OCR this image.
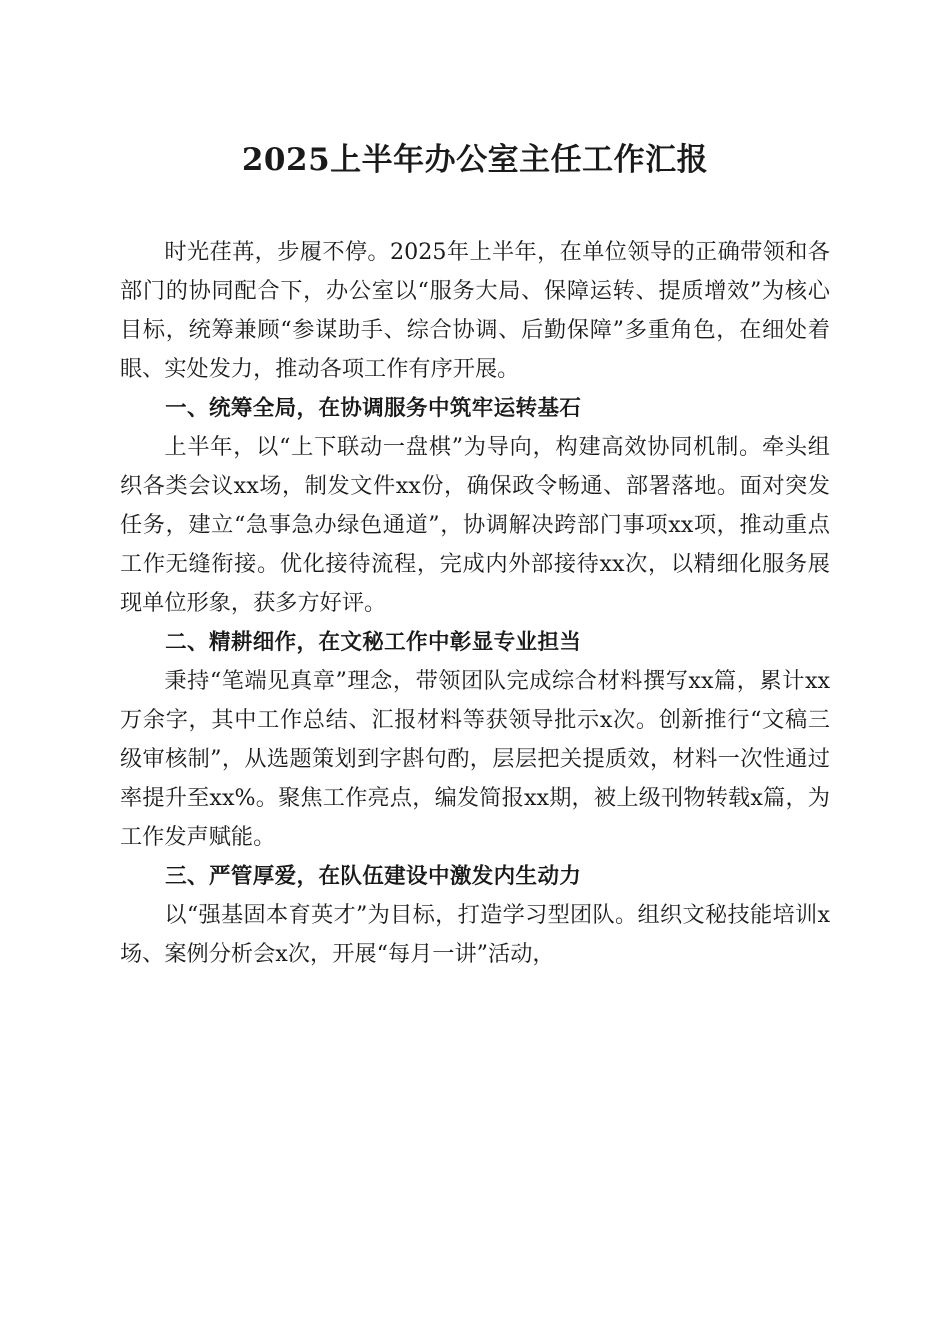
2025上半年办公室主任工作汇报

时光荏苒，步履不停。2025年上半年，在单位领导的正确带领和各部门的协同配合下，办公室以“服务大局、保障运转、提质增效”为核心目标，统筹兼顾“参谋助手、综合协调、后勤保障”多重角色，在细处着眼、实处发力，推动各项工作有序开展。

一、统筹全局，在协调服务中筑牢运转基石

上半年，以“上下联动一盘棋”为导向，构建高效协同机制。牵头组织各类会议xx场，制发文件xx份，确保政令畅通、部署落地。面对突发任务，建立“急事急办绿色通道”，协调解决跨部门事项xx项，推动重点工作无缝衔接。优化接待流程，完成内外部接待xx次，以精细化服务展现单位形象，获多方好评。

二、精耕细作，在文秘工作中彰显专业担当

秉持“笔端见真章”理念，带领团队完成综合材料撰写xx篇，累计xx万余字，其中工作总结、汇报材料等获领导批示x次。创新推行“文稿三级审核制”，从选题策划到字斟句酌，层层把关提质效，材料一次性通过率提升至xx%。聚焦工作亮点，编发简报xx期，被上级刊物转载x篇，为工作发声赋能。

三、严管厚爱，在队伍建设中激发内生动力

以“强基固本育英才”为目标，打造学习型团队。组织文秘技能培训x场、案例分析会x次，开展“每月一讲”活动，
